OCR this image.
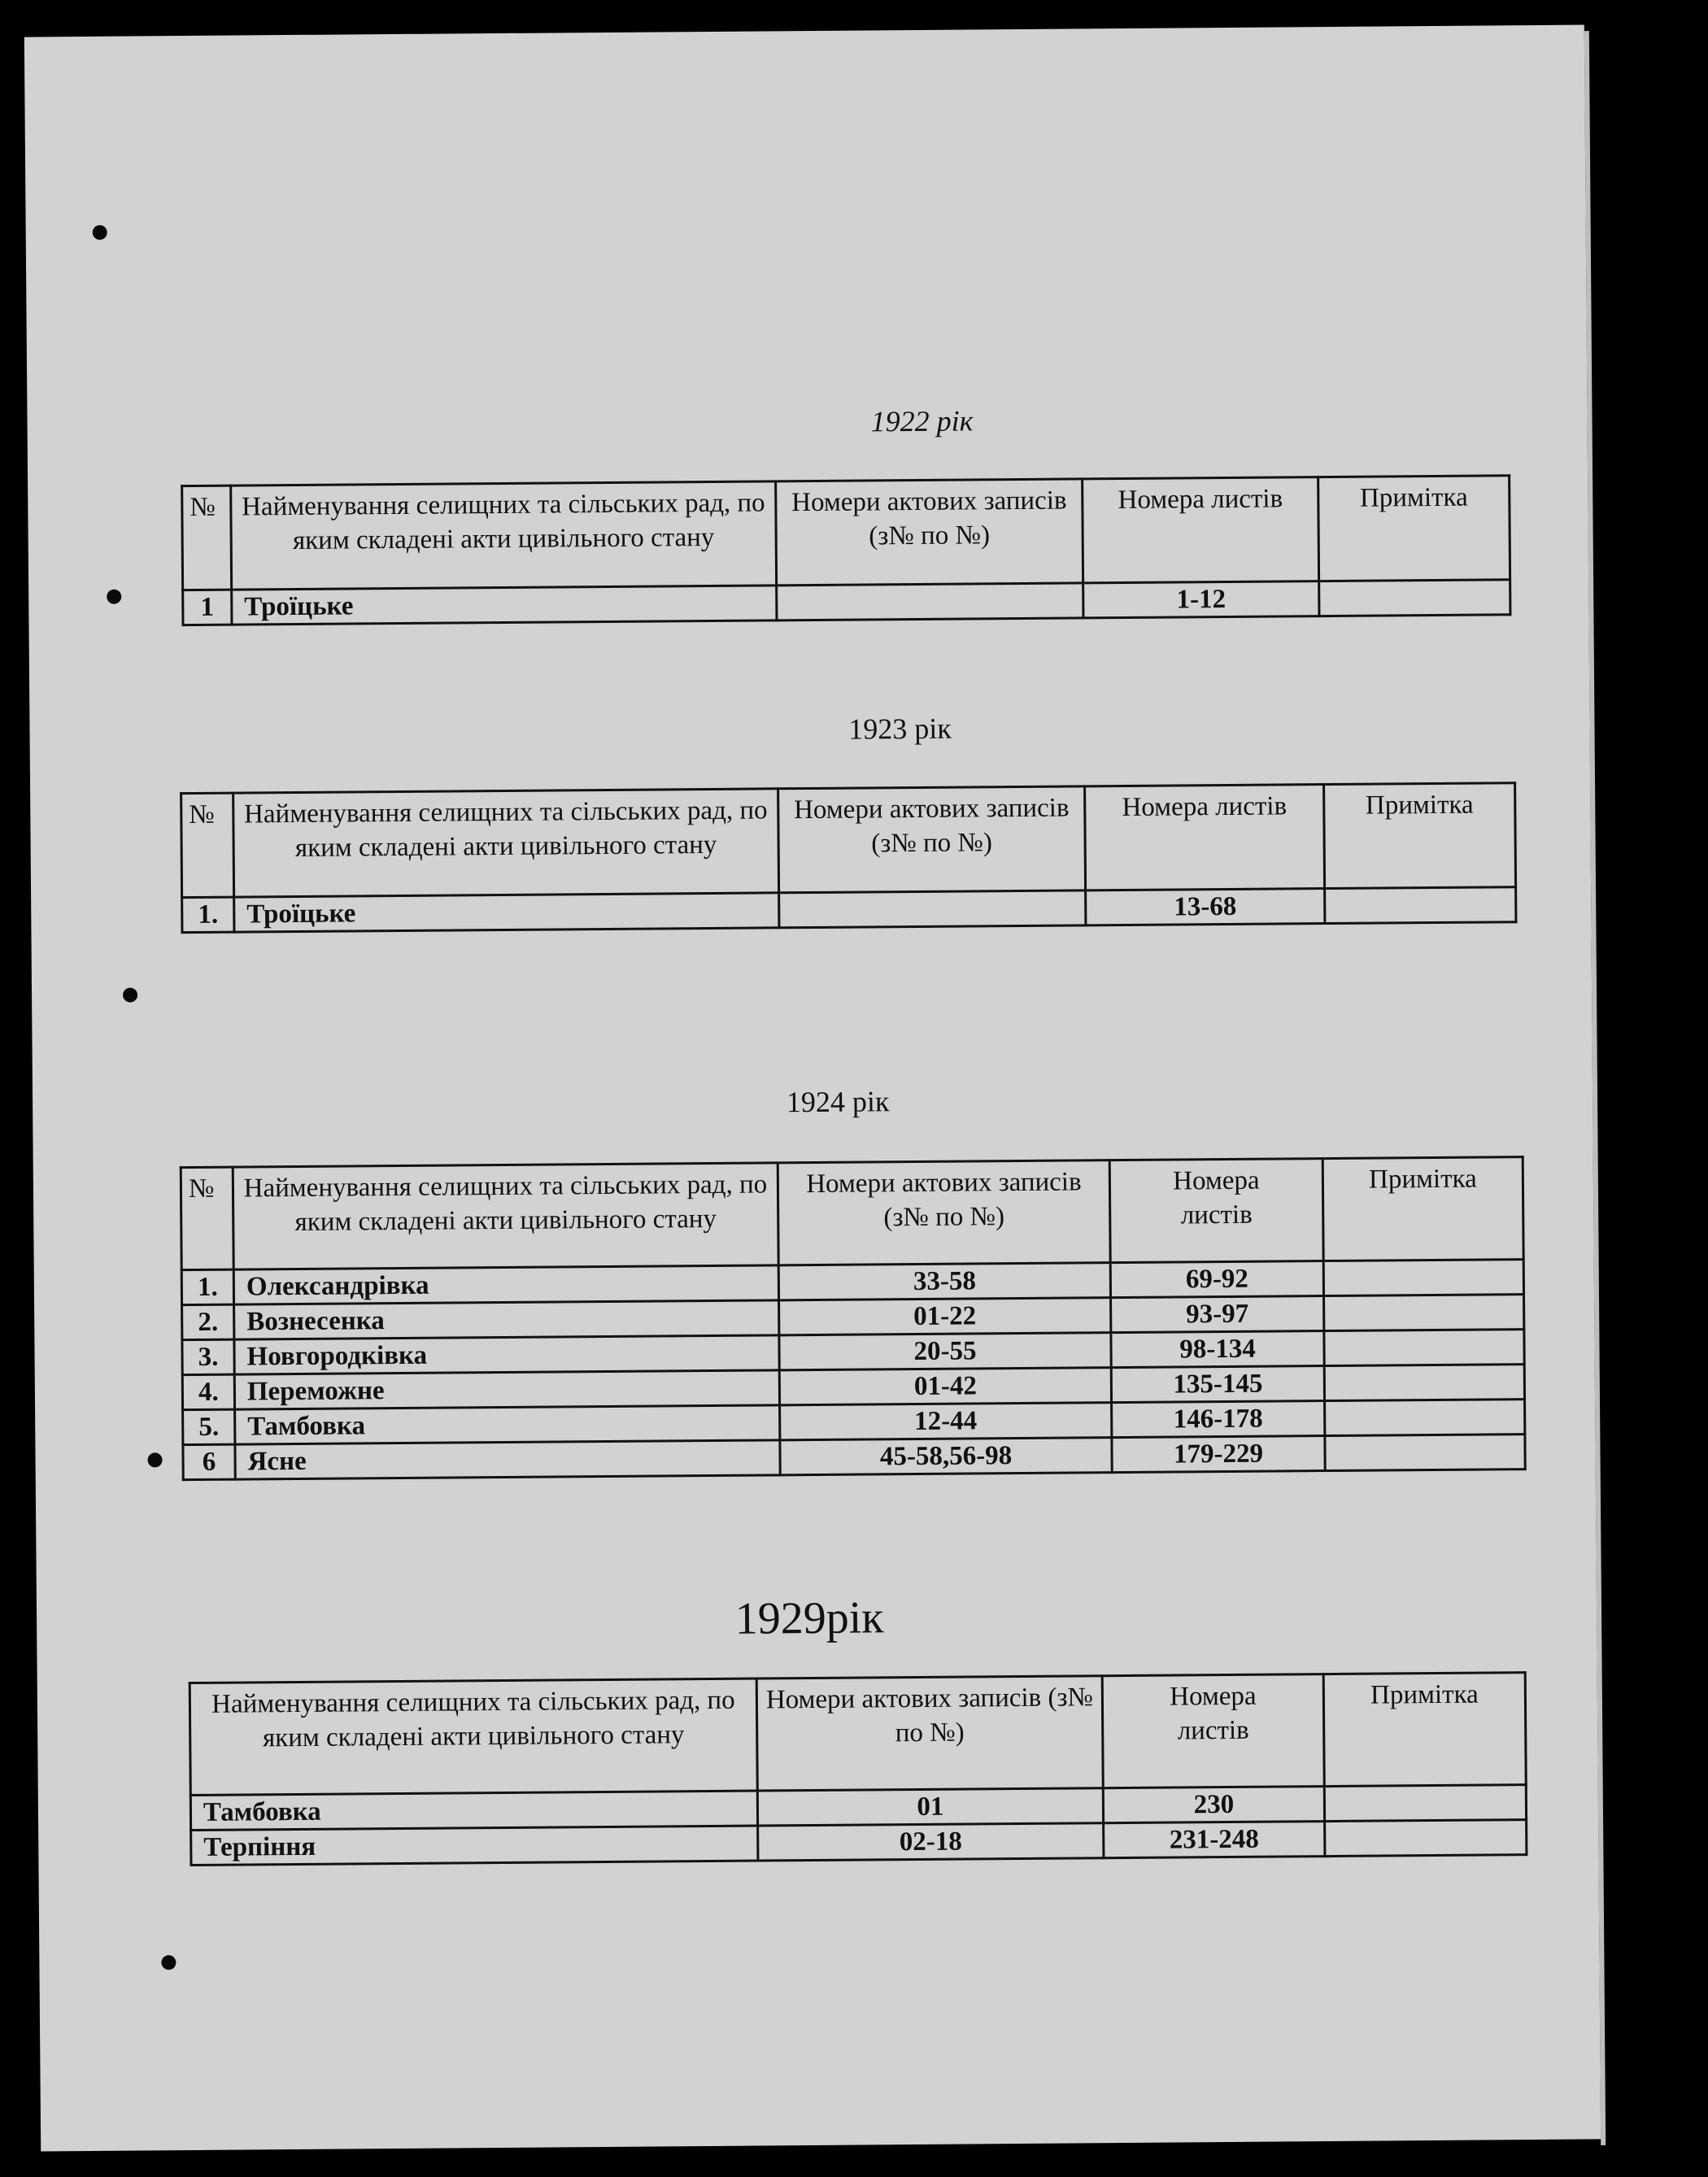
1922 рік
№	Найменування селищних та сільських рад, по яким складені акти цивільного стану	Номери актових записів (з№ по №)	Номера листів	Примітка
1	Троїцьке		1-12	
1923 рік
№	Найменування селищних та сільських рад, по яким складені акти цивільного стану	Номери актових записів (з№ по №)	Номера листів	Примітка
1.	Троїцьке		13-68	
1924 рік
№	Найменування селищних та сільських рад, по яким складені акти цивільного стану	Номери актових записів (з№ по №)	Номера листів	Примітка
1.	Олександрівка	33-58	69-92	
2.	Вознесенка	01-22	93-97	
3.	Новгородківка	20-55	98-134	
4.	Переможне	01-42	135-145	
5.	Тамбовка	12-44	146-178	
6	Ясне	45-58,56-98	179-229	
1929рік
Найменування селищних та сільських рад, по яким складені акти цивільного стану	Номери актових записів (з№ по №)	Номера листів	Примітка
Тамбовка	01	230	
Терпіння	02-18	231-248	
